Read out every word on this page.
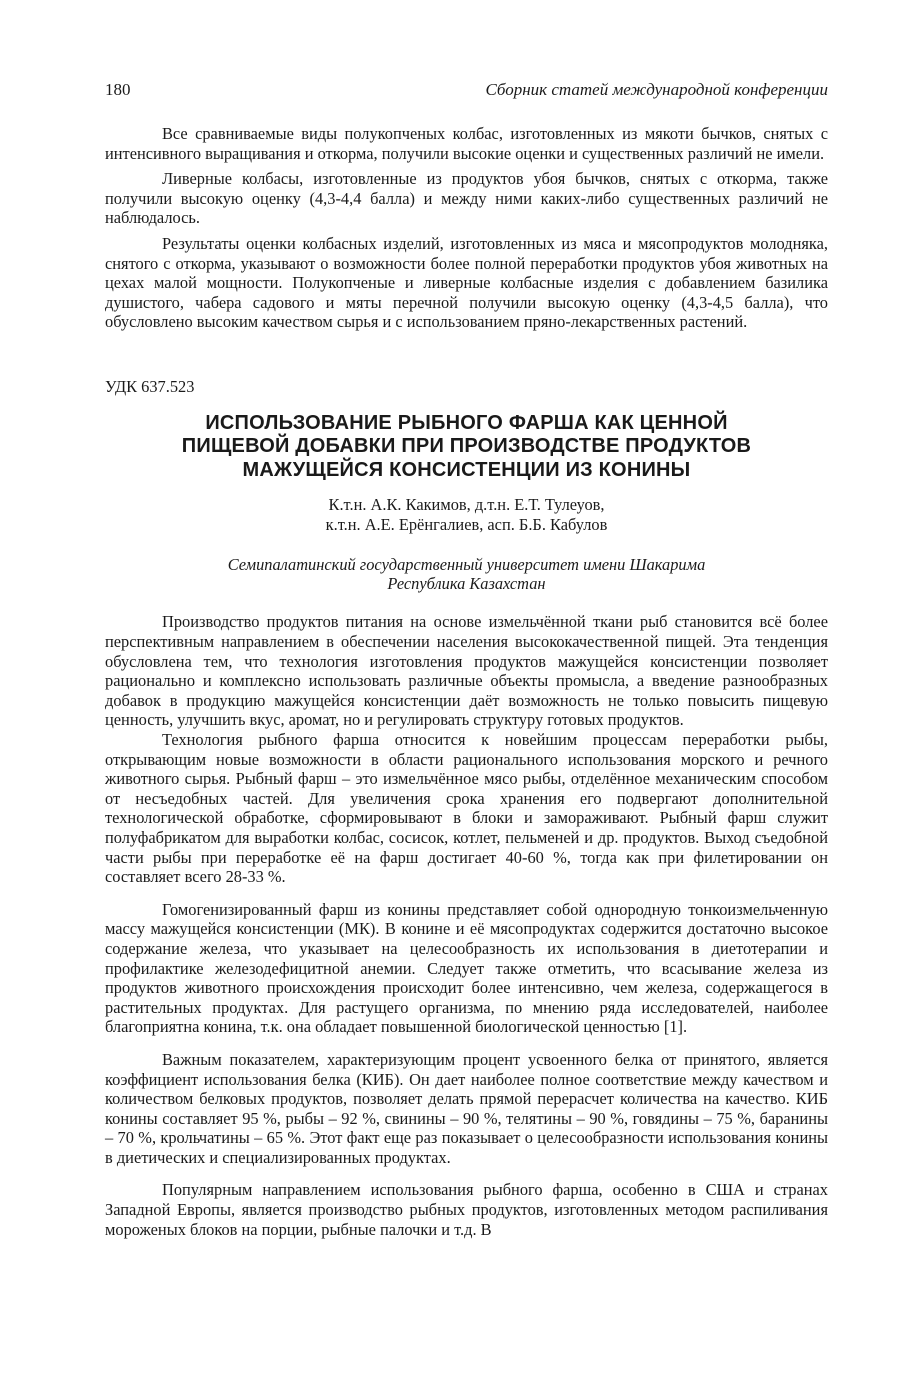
180	Сборник статей международной конференции

Все сравниваемые виды полукопченых колбас, изготовленных из мякоти бычков, снятых с интенсивного выращивания и откорма, получили высокие оценки и существенных различий не имели.

Ливерные колбасы, изготовленные из продуктов убоя бычков, снятых с откорма, также получили высокую оценку (4,3-4,4 балла) и между ними каких-либо существенных различий не наблюдалось.

Результаты оценки колбасных изделий, изготовленных из мяса и мясопродуктов молодняка, снятого с откорма, указывают о возможности более полной переработки продуктов убоя животных на цехах малой мощности. Полукопченые и ливерные колбасные изделия с добавлением базилика душистого, чабера садового и мяты перечной получили высокую оценку (4,3-4,5 балла), что обусловлено высоким качеством сырья и с использованием пряно-лекарственных растений.

УДК 637.523
ИСПОЛЬЗОВАНИЕ РЫБНОГО ФАРША КАК ЦЕННОЙ
ПИЩЕВОЙ ДОБАВКИ ПРИ ПРОИЗВОДСТВЕ ПРОДУКТОВ
МАЖУЩЕЙСЯ КОНСИСТЕНЦИИ ИЗ КОНИНЫ
К.т.н. А.К. Какимов, д.т.н. Е.Т. Тулеуов,
к.т.н. А.Е. Ерёнгалиев, асп. Б.Б. Кабулов
Семипалатинский государственный университет имени Шакарима
Республика Казахстан

Производство продуктов питания на основе измельчённой ткани рыб становится всё более перспективным направлением в обеспечении населения высококачественной пищей. Эта тенденция обусловлена тем, что технология изготовления продуктов мажущейся консистенции позволяет рационально и комплексно использовать различные объекты промысла, а введение разнообразных добавок в продукцию мажущейся консистенции даёт возможность не только повысить пищевую ценность, улучшить вкус, аромат, но и регулировать структуру готовых продуктов.

Технология рыбного фарша относится к новейшим процессам переработки рыбы, открывающим новые возможности в области рационального использования морского и речного животного сырья. Рыбный фарш – это измельчённое мясо рыбы, отделённое механическим способом от несъедобных частей. Для увеличения срока хранения его подвергают дополнительной технологической обработке, сформировывают в блоки и замораживают. Рыбный фарш служит полуфабрикатом для выработки колбас, сосисок, котлет, пельменей и др. продуктов. Выход съедобной части рыбы при переработке её на фарш достигает 40-60 %, тогда как при филетировании он составляет всего 28-33 %.

Гомогенизированный фарш из конины представляет собой однородную тонкоизмельченную массу мажущейся консистенции (МК). В конине и её мясопродуктах содержится достаточно высокое содержание железа, что указывает на целесообразность их использования в диетотерапии и профилактике железодефицитной анемии. Следует также отметить, что всасывание железа из продуктов животного происхождения происходит более интенсивно, чем железа, содержащегося в растительных продуктах. Для растущего организма, по мнению ряда исследователей, наиболее благоприятна конина, т.к. она обладает повышенной биологической ценностью [1].

Важным показателем, характеризующим процент усвоенного белка от принятого, является коэффициент использования белка (КИБ). Он дает наиболее полное соответствие между качеством и количеством белковых продуктов, позволяет делать прямой перерасчет количества на качество. КИБ конины составляет 95 %, рыбы – 92 %, свинины – 90 %, телятины – 90 %, говядины – 75 %, баранины – 70 %, крольчатины – 65 %. Этот факт еще раз показывает о целесообразности использования конины в диетических и специализированных продуктах.

Популярным направлением использования рыбного фарша, особенно в США и странах Западной Европы, является производство рыбных продуктов, изготовленных методом распиливания мороженых блоков на порции, рыбные палочки и т.д. В
